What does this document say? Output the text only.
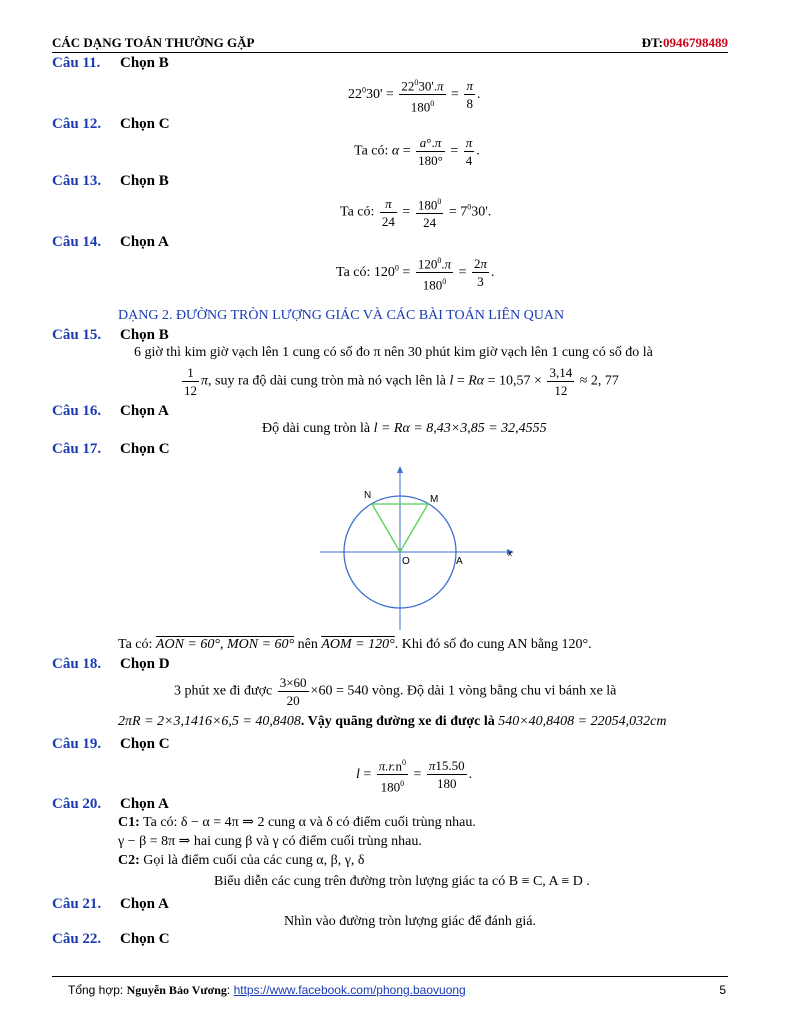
CÁC DẠNG TOÁN THƯỜNG GẶP	ĐT:0946798489
Câu 11. Chọn B
$22^030' = \frac{22^030'.\pi}{180^0} = \frac{\pi}{8}$ .
Câu 12. Chọn C
Ta có: $\alpha = \frac{a^\circ.\pi}{180^\circ} = \frac{\pi}{4}$ .
Câu 13. Chọn B
Ta có: $\frac{\pi}{24} = \frac{180^0}{24} = 7^030'$.
Câu 14. Chọn A
Ta có: $120^0 = \frac{120^0.\pi}{180^0} = \frac{2\pi}{3}$ .
DẠNG 2. ĐƯỜNG TRÒN LƯỢNG GIÁC VÀ CÁC BÀI TOÁN LIÊN QUAN
Câu 15. Chọn B
6 giờ thì kim giờ vạch lên 1 cung có số đo π nên 30 phút kim giờ vạch lên 1 cung có số đo là
$\frac{1}{12} \pi$, suy ra độ dài cung tròn mà nó vạch lên là $l = R\alpha = 10,57 \times \frac{3,14}{12} \approx 2$, 77
Câu 16. Chọn A
Độ dài cung tròn là l = Rα = 8,43×3,85 = 32,4555
Câu 17. Chọn C
N	M
O	A
x
Ta có: AON = 60°, MON = 60° nên AOM = 120°. Khi đó số đo cung AN bằng 120°.
Câu 18. Chọn D
3 phút xe đi được $\frac{3\times 60}{20} \times 60 = 540$ vòng. Độ dài 1 vòng bằng chu vi bánh xe là
2πR = 2×3,1416×6,5 = 40,8408. Vậy quãng đường xe đi được là 540×40,8408 = 22054,032cm
Câu 19. Chọn C
$l = \frac{\pi.r.n^0}{180^0} = \frac{\pi 15.50}{180}$ .
Câu 20. Chọn A
C1: Ta có: δ − α = 4π ⇒ 2 cung α và δ có điểm cuối trùng nhau.
γ − β = 8π ⇒ hai cung β và γ có điểm cuối trùng nhau.
C2: Gọi là điểm cuối của các cung α, β, γ, δ
Biểu diễn các cung trên đường tròn lượng giác ta có B ≡ C, A ≡ D .
Câu 21. Chọn A
Nhìn vào đường tròn lượng giác để đánh giá.
Câu 22. Chọn C
Tổng hợp: Nguyễn Bảo Vương: https://www.facebook.com/phong.baovuong	5
